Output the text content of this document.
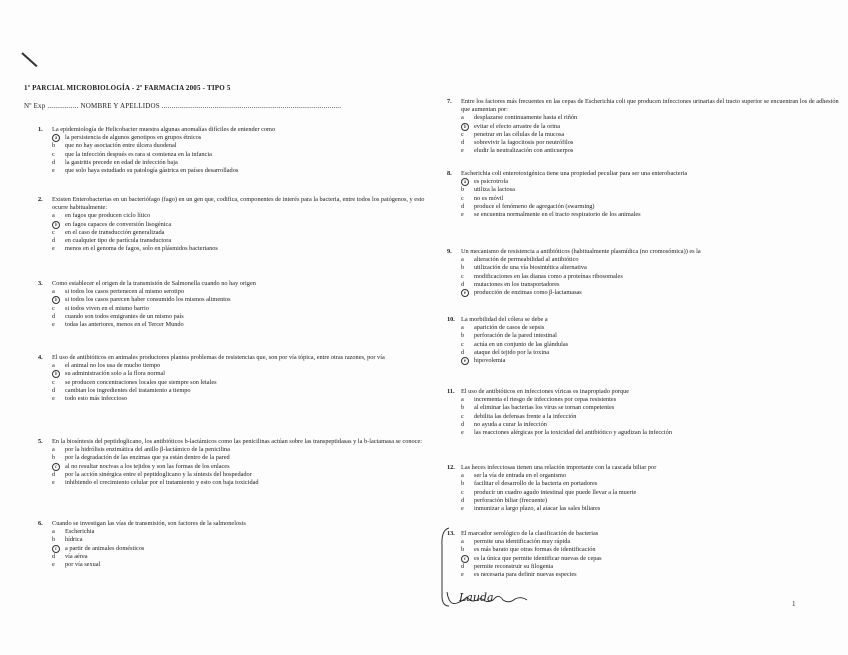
1º PARCIAL MICROBIOLOGÍA - 2º FARMACIA 2005 - TIPO 5
Nº Exp ................ NOMBRE Y APELLIDOS ............................................................................................
1.	La epidemiología de Helicobacter muestra algunas anomalías difíciles de entender como
a	la persistencia de algunos genotipos en grupos étnicos
b	que no hay asociación entre úlcera duodenal
c	que la infección después es rara si comienza en la infancia
d	la gastritis precede en edad de infección baja
e	que solo haya estudiado su patología gástrica en países desarrollados
2.	Existen Enterobacterias en un bacteriófago (fago) en un gen que, codifica, componentes de interés para la bacteria, entre todos los patógenos, y esto ocurre habitualmente:
a	en fagos que producen ciclo lítico
b	en fagos capaces de conversión lisogénica
c	en el caso de transducción generalizada
d	en cualquier tipo de partícula transductora
e	menos en el genoma de fagos, solo en plásmidos bacterianos
3.	Como establecer el origen de la transmisión de Salmonella cuando no hay origen
a	si todos los casos pertenecen al mismo serotipo
b	si todos los casos parecen haber consumido los mismos alimentos
c	si todos viven en el mismo barrio
d	cuando son todos emigrantes de un mismo país
e	todas las anteriores, menos en el Tercer Mundo
4.	El uso de antibióticos en animales productores plantea problemas de resistencias que, son por vía tópica, entre otras razones, por vía
a	el animal no los usa de mucho tiempo
b	su administración solo a la flora normal
c	se producen concentraciones locales que siempre son letales
d	cambian los ingredientes del tratamiento a tiempo
e	todo esto más infeccioso
5.	En la biosíntesis del peptidoglicano, los antibióticos b-lactámicos como las penicilinas actúan sobre las transpeptidasas y la b-lactamasa se conoce:
a	por la hidrólisis enzimática del anillo β-lactámico de la penicilina
b	por la degradación de las enzimas que ya están dentro de la pared
c	al no resultar nocivas a los tejidos y son las formas de los enlaces
d	por la acción sinérgica entre el peptidoglicano y la síntesis del hospedador
e	inhibiendo el crecimiento celular por el tratamiento y esto con baja toxicidad
6.	Cuando se investigan las vías de transmisión, son factores de la salmonelosis
a	Escherichia
b	hídrica
c	a partir de animales domésticos
d	vía aérea
e	por vía sexual
7.	Entre los factores más frecuentes en las cepas de Escherichia coli que producen infecciones urinarias del tracto superior se encuentran los de adhesión que aumentan por:
a	desplazarse continuamente hasta el riñón
b	evitar el efecto arrastre de la orina
c	penetrar en las células de la mucosa
d	sobrevivir la fagocitosis por neutrófilos
e	eludir la neutralización con anticuerpos
8.	Escherichia coli enterotoxigénica tiene una propiedad peculiar para ser una enterobacteria
a	es psicrotrofa
b	utiliza la lactosa
c	no es móvil
d	produce el fenómeno de agregación (swarming)
e	se encuentra normalmente en el tracto respiratorio de los animales
9.	Un mecanismo de resistencia a antibióticos (habitualmente plasmídica (no cromosómica)) es la
a	alteración de permeabilidad al antibiótico
b	utilización de una vía biosintética alternativa
c	modificaciones en las dianas como a proteínas ribosomales
d	mutaciones en los transportadores
e	producción de enzimas como β-lactamasas
10. La morbilidad del cólera se debe a
a	aparición de casos de sepsis
b	perforación de la pared intestinal
c	actúa en un conjunto de las glándulas
d	ataque del tejido por la toxina
e	hipovolemia
11.	El uso de antibióticos en infecciones víricas es inapropiado porque
a	incrementa el riesgo de infecciones por cepas resistentes
b	al eliminar las bacterias los virus se tornan competentes
c	debilita las defensas frente a la infección
d	no ayuda a curar la infección
e	las reacciones alérgicas por la toxicidad del antibiótico y agudizan la infección
12. Las heces infecciosas tienen una relación importante con la cascada biliar por
a	ser la vía de entrada en el organismo
b	facilitar el desarrollo de la bacteria en portadores
c	producir un cuadro agudo intestinal que puede llevar a la muerte
d	perforación biliar (frecuente)
e	inmunizar a largo plazo, al atacar las sales biliares
13. El marcador serológico de la clasificación de bacterias
a	permite una identificación muy rápida
b	es más barato que otras formas de identificación
c	es la única que permite identificar nuevas de cepas
d	permite reconstruir su filogenia
e	es necesaria para definir nuevas especies
Lauda	1
